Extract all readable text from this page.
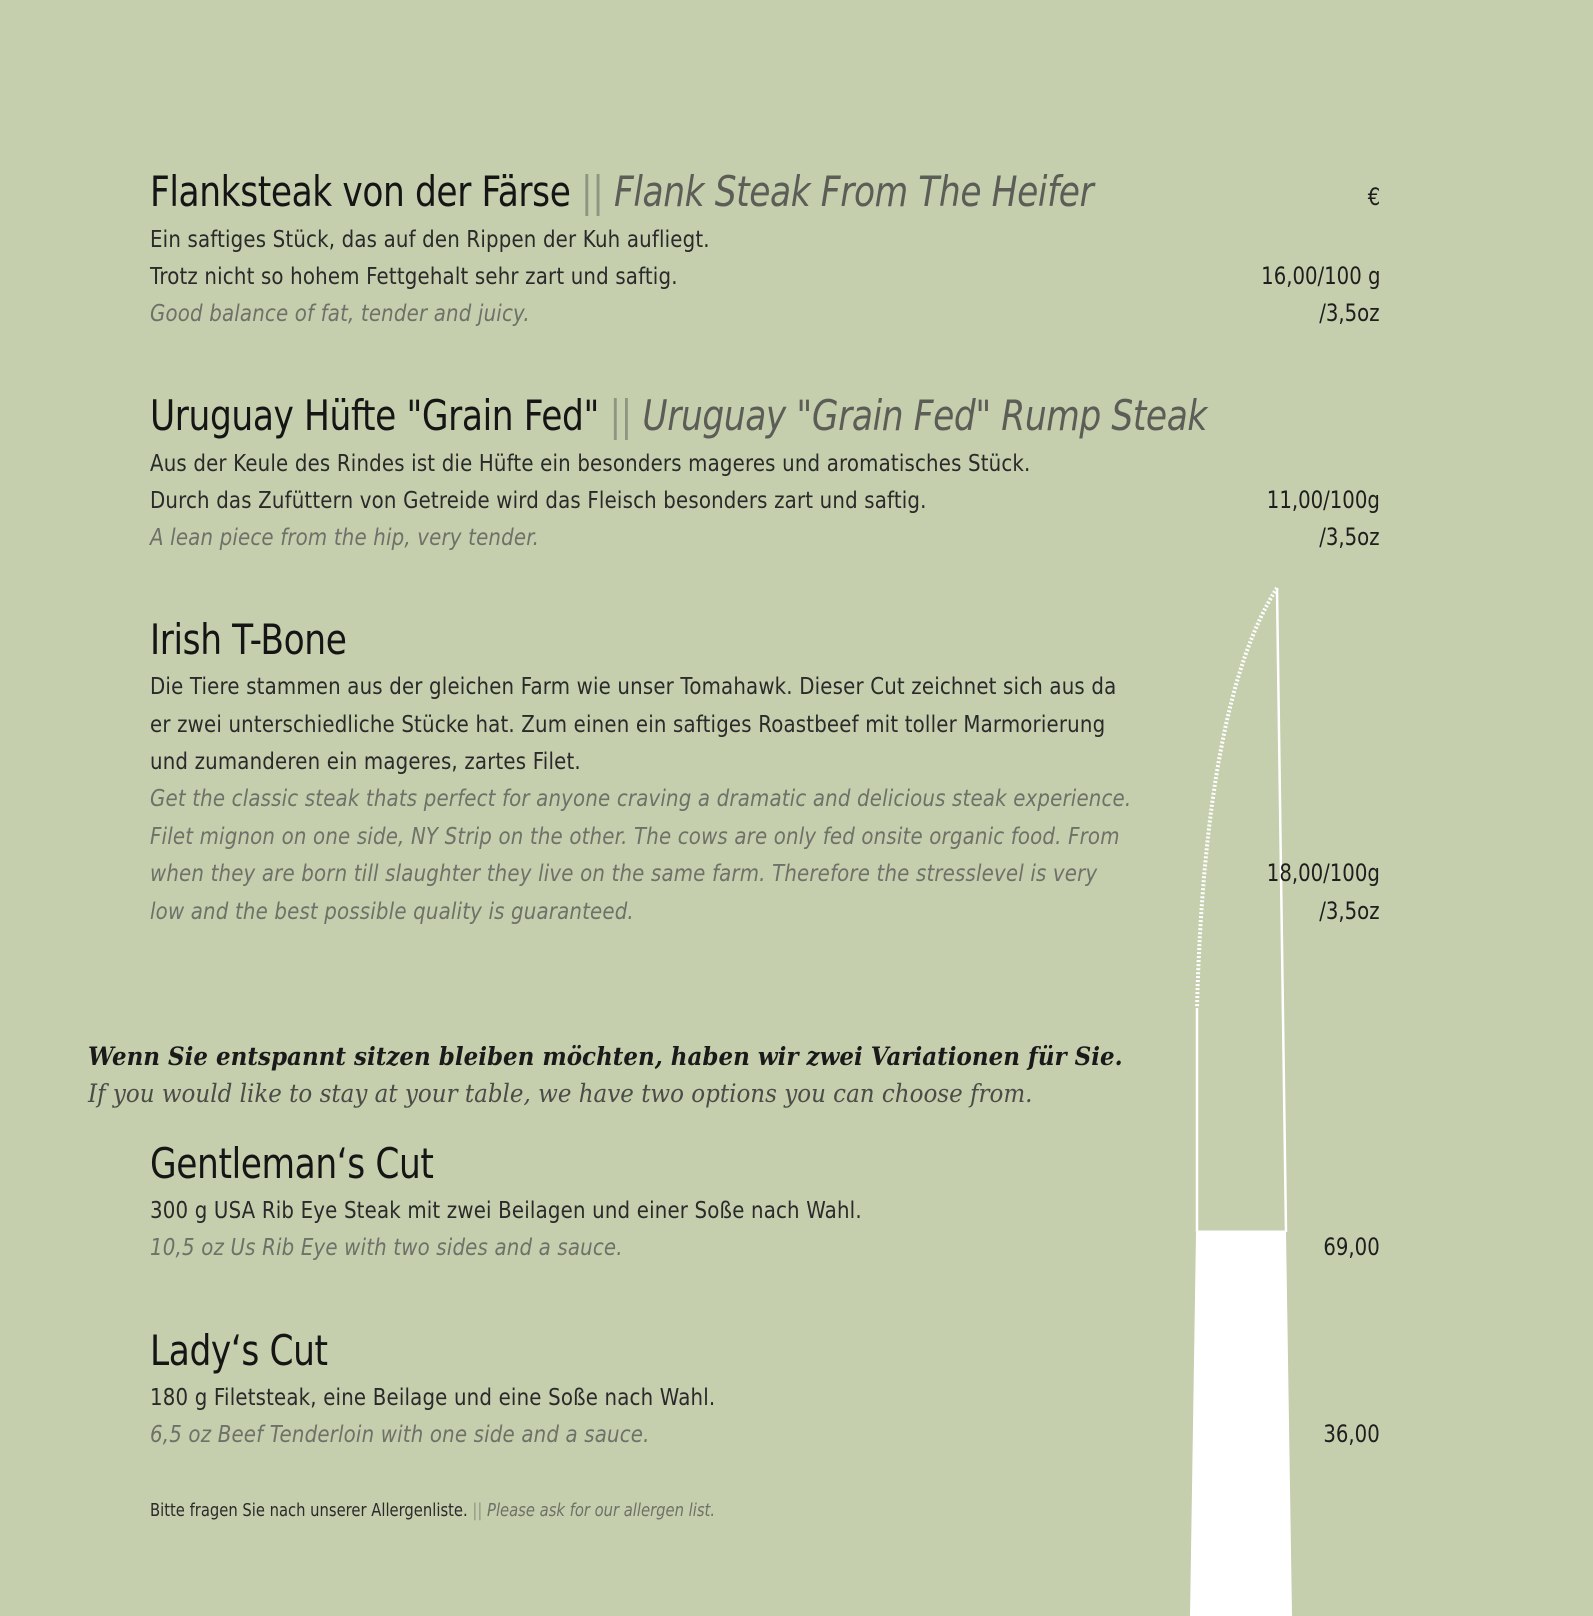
€
Flanksteak von der Färse || Flank Steak From The Heifer
Ein saftiges Stück, das auf den Rippen der Kuh aufliegt.
Trotz nicht so hohem Fettgehalt sehr zart und saftig.
Good balance of fat, tender and juicy.
16,00/100 g
/3,5oz
Uruguay Hüfte "Grain Fed" || Uruguay "Grain Fed" Rump Steak
Aus der Keule des Rindes ist die Hüfte ein besonders mageres und aromatisches Stück.
Durch das Zufüttern von Getreide wird das Fleisch besonders zart und saftig.
A lean piece from the hip, very tender.
11,00/100g
/3,5oz
Irish T-Bone
Die Tiere stammen aus der gleichen Farm wie unser Tomahawk. Dieser Cut zeichnet sich aus da
er zwei unterschiedliche Stücke hat. Zum einen ein saftiges Roastbeef mit toller Marmorierung
und zumanderen ein mageres, zartes Filet.
Get the classic steak thats perfect for anyone craving a dramatic and delicious steak experience.
Filet mignon on one side, NY Strip on the other. The cows are only fed onsite organic food. From
when they are born till slaughter they live on the same farm. Therefore the stresslevel is very
low and the best possible quality is guaranteed.
18,00/100g
/3,5oz
Wenn Sie entspannt sitzen bleiben möchten, haben wir zwei Variationen für Sie.
If you would like to stay at your table, we have two options you can choose from.
Gentleman‘s Cut
300 g USA Rib Eye Steak mit zwei Beilagen und einer Soße nach Wahl.
10,5 oz Us Rib Eye with two sides and a sauce.	69,00
Lady‘s Cut
180 g Filetsteak, eine Beilage und eine Soße nach Wahl.
6,5 oz Beef Tenderloin with one side and a sauce.	36,00
Bitte fragen Sie nach unserer Allergenliste. || Please ask for our allergen list.
